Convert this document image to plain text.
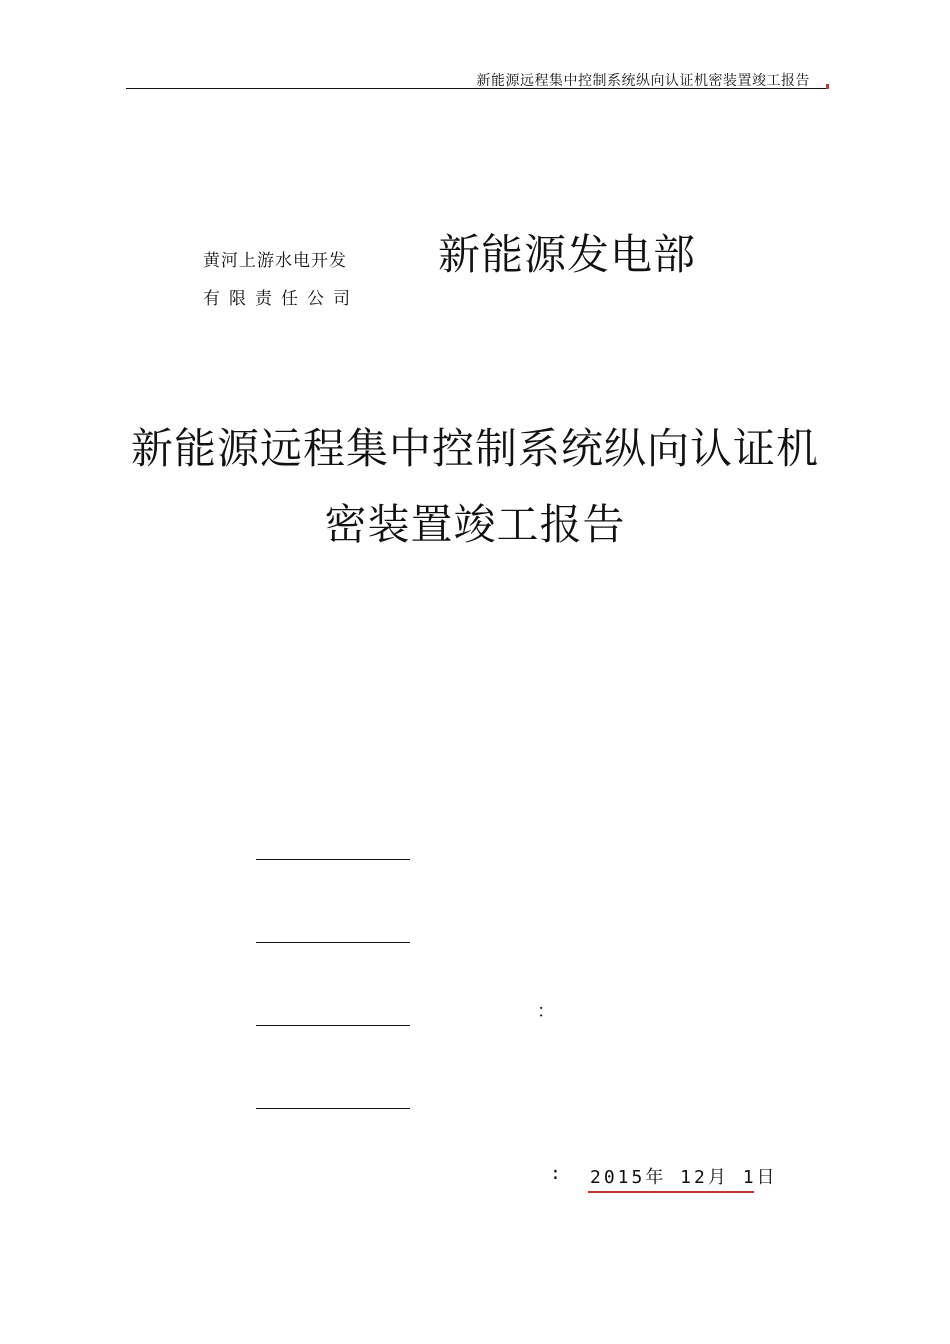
新能源远程集中控制系统纵向认证机密装置竣工报告
黄河上游水电开发
有限责任公司
新能源发电部
新能源远程集中控制系统纵向认证机
密装置竣工报告
：
: 2015年 12月 1日
